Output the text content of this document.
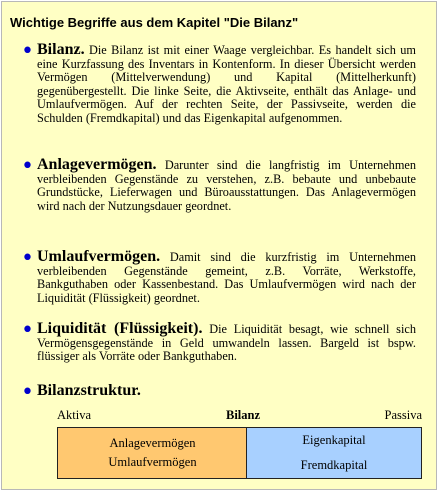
Wichtige Begriffe aus dem Kapitel "Die Bilanz"
• Bilanz. Die Bilanz ist mit einer Waage vergleichbar. Es handelt sich um eine Kurzfassung des Inventars in Kontenform. In dieser Übersicht werden Vermögen (Mittelverwendung) und Kapital (Mittelherkunft) gegenübergestellt. Die linke Seite, die Aktivseite, enthält das Anlage- und Umlaufvermögen. Auf der rechten Seite, der Passivseite, werden die Schulden (Fremdkapital) und das Eigenkapital aufgenommen.
• Anlagevermögen. Darunter sind die langfristig im Unternehmen verbleibenden Gegenstände zu verstehen, z.B. bebaute und unbebaute Grundstücke, Lieferwagen und Büroausstattungen. Das Anlagevermögen wird nach der Nutzungsdauer geordnet.
• Umlaufvermögen. Damit sind die kurzfristig im Unternehmen verbleibenden Gegenstände gemeint, z.B. Vorräte, Werkstoffe, Bankguthaben oder Kassenbestand. Das Umlaufvermögen wird nach der Liquidität (Flüssigkeit) geordnet.
• Liquidität (Flüssigkeit). Die Liquidität besagt, wie schnell sich Vermögensgegenstände in Geld umwandeln lassen. Bargeld ist bspw. flüssiger als Vorräte oder Bankguthaben.
• Bilanzstruktur.
Aktiva	Bilanz	Passiva
Anlagevermögen
Umlaufvermögen
Eigenkapital
Fremdkapital
